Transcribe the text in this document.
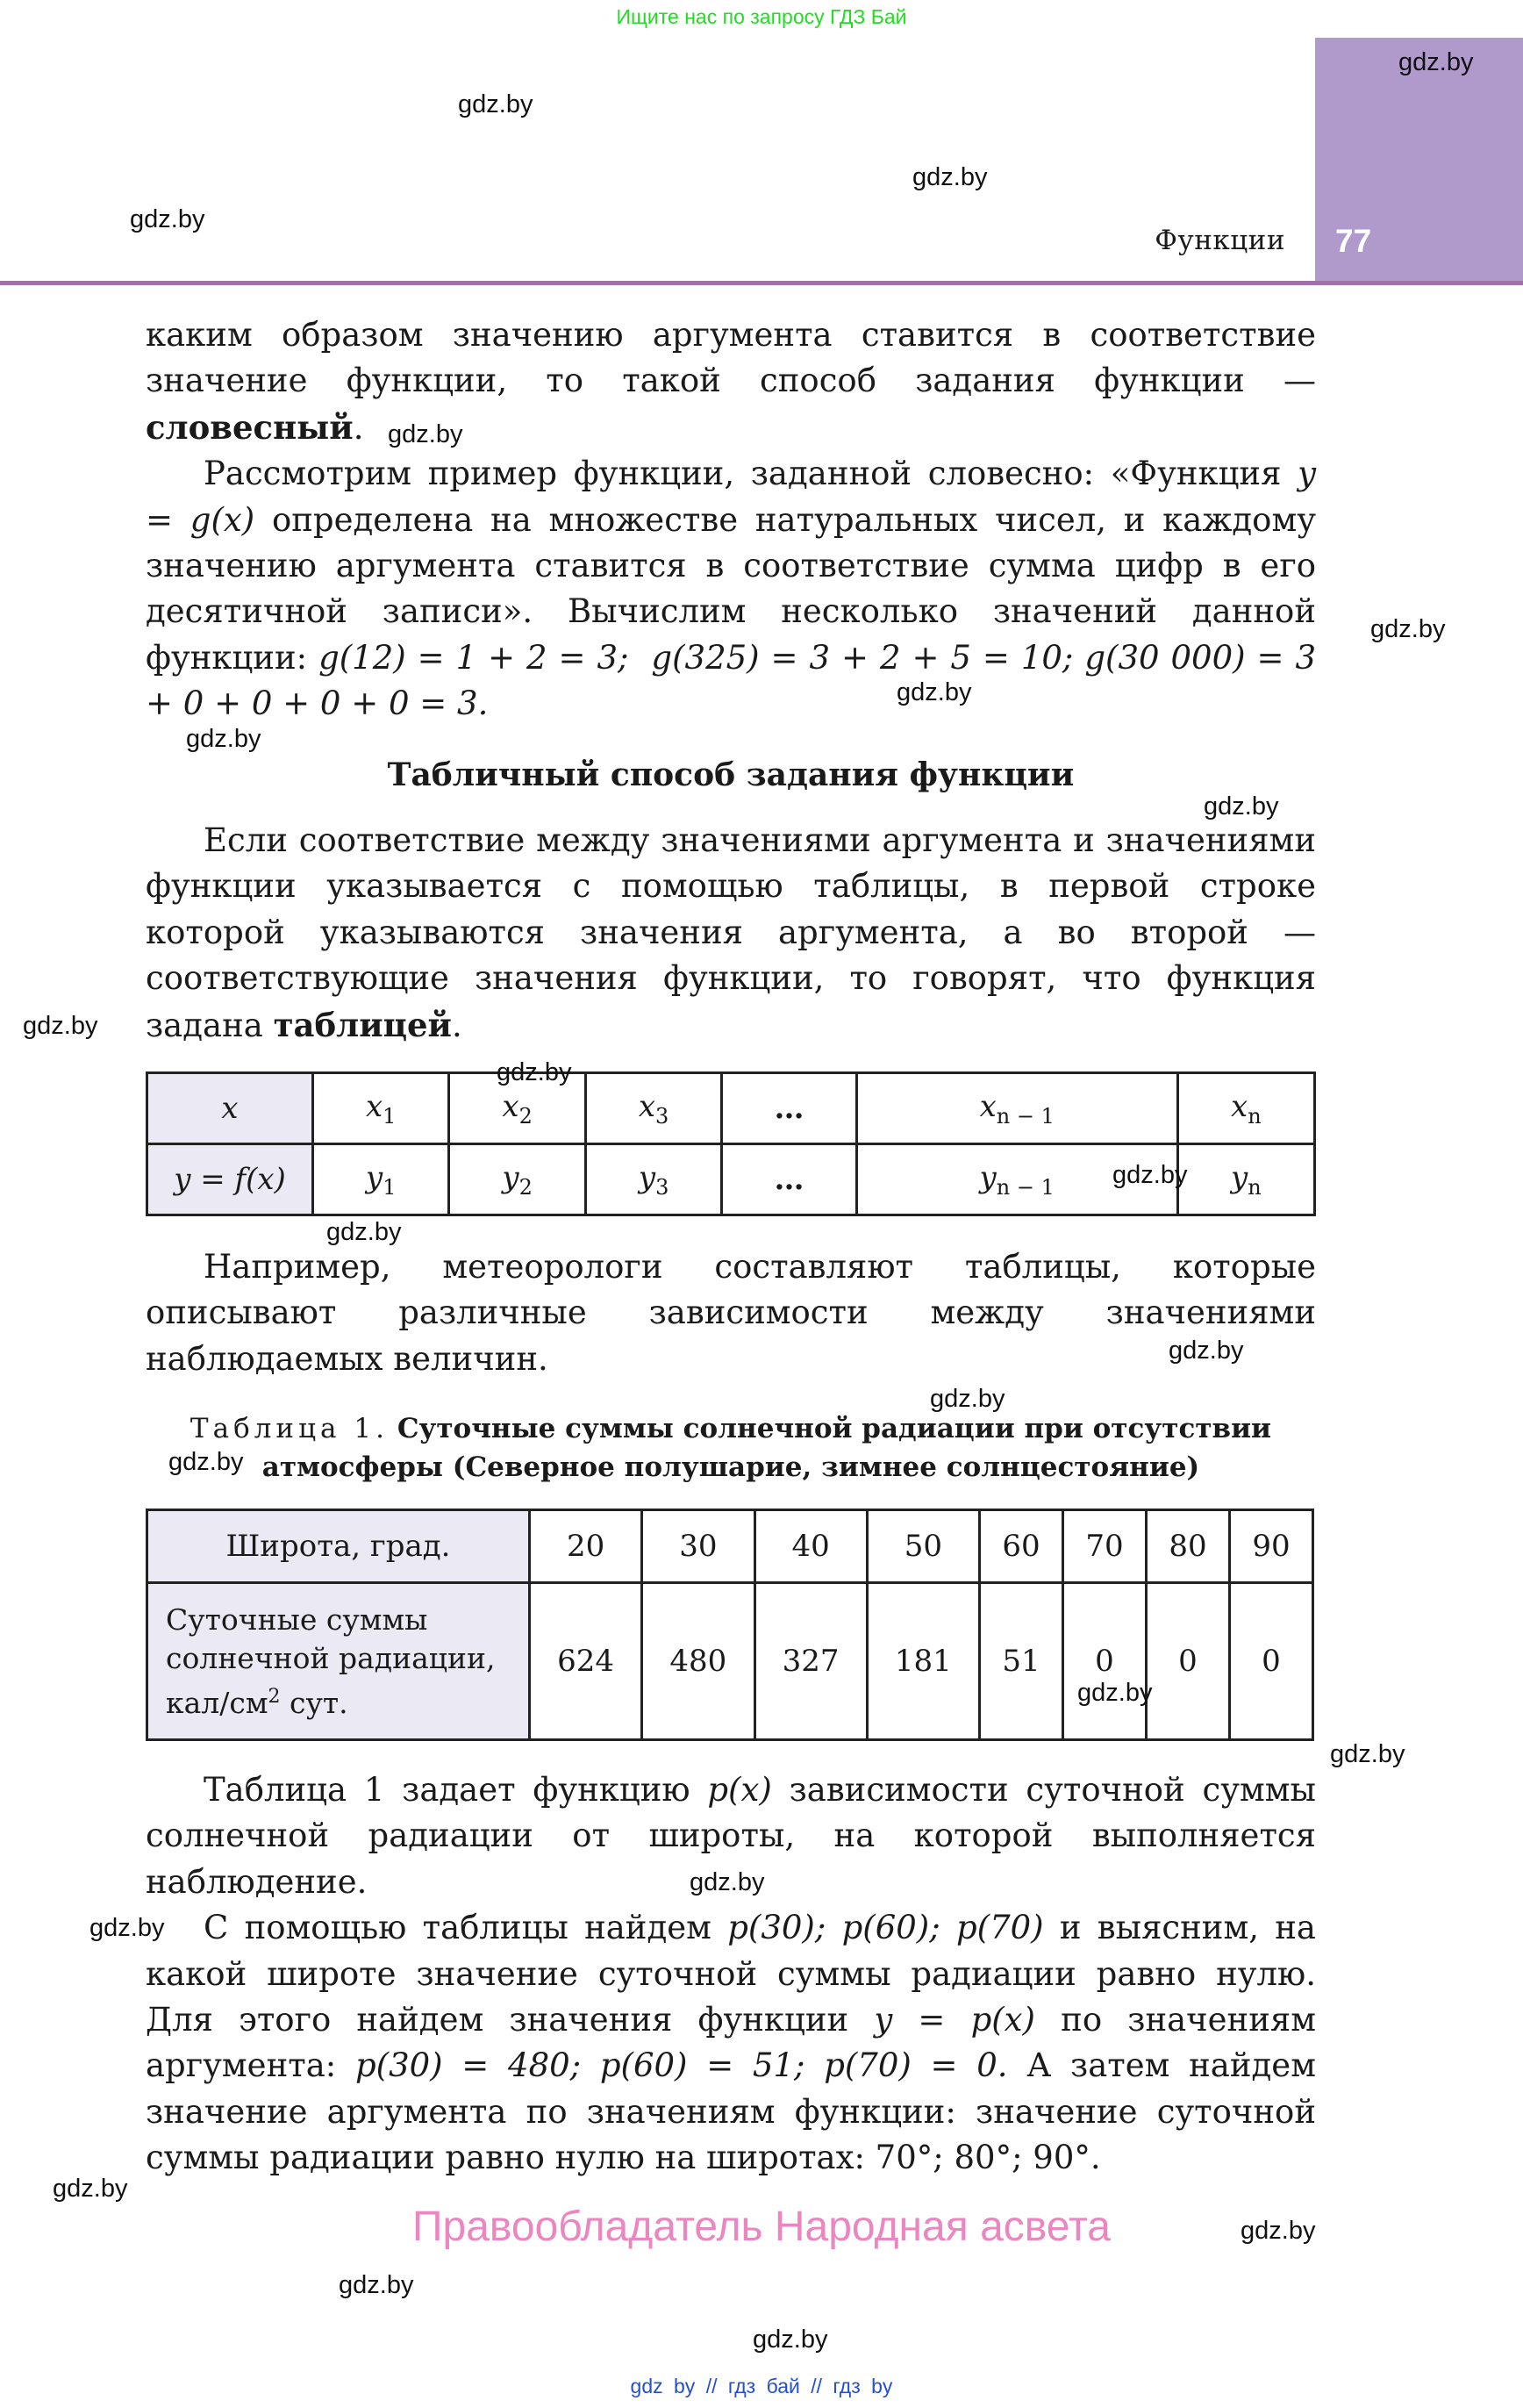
Ищите нас по запросу ГДЗ Бай
Функции 77

каким образом значению аргумента ставится в соответствие значение функции, то такой способ задания функции — словесный.

Рассмотрим пример функции, заданной словесно: «Функция y = g(x) определена на множестве натуральных чисел, и каждому значению аргумента ставится в соответствие сумма цифр в его десятичной записи». Вычислим несколько значений данной функции: g(12) = 1 + 2 = 3; g(325) = 3 + 2 + 5 = 10; g(30 000) = 3 + 0 + 0 + 0 + 0 = 3.

Табличный способ задания функции

Если соответствие между значениями аргумента и значениями функции указывается с помощью таблицы, в первой строке которой указываются значения аргумента, а во второй — соответствующие значения функции, то говорят, что функция задана таблицей.

x	$x_1$	$x_2$	$x_3$	…	$x_{n - 1}$	$x_n$
y = f(x)	$y_1$	$y_2$	$y_3$	…	$y_{n - 1}$	$y_n$

Например, метеорологи составляют таблицы, которые описывают различные зависимости между значениями наблюдаемых величин.

Таблица 1. Суточные суммы солнечной радиации при отсутствии атмосферы (Северное полушарие, зимнее солнцестояние)
Широта, град.	20	30	40	50	60	70	80	90
Суточные суммы
солнечной радиации,
кал/$см^2$ сут.	624	480	327	181	51	0	0	0

Таблица 1 задает функцию p(x) зависимости суточной суммы солнечной радиации от широты, на которой выполняется наблюдение.

С помощью таблицы найдем p(30); p(60); p(70) и выясним, на какой широте значение суточной суммы радиации равно нулю. Для этого найдем значения функции y = p(x) по значениям аргумента: p(30) = 480; p(60) = 51; p(70) = 0. А затем найдем значение аргумента по значениям функции: значение суточной суммы радиации равно нулю на широтах: 70°; 80°; 90°.

Правообладатель Народная асвета
gdz by // гдз бай // гдз by
gdz.by
gdz.by
gdz.by
gdz.by
gdz.by
gdz.by
gdz.by
gdz.by
gdz.by
gdz.by
gdz.by
gdz.by
gdz.by
gdz.by
gdz.by
gdz.by
gdz.by
gdz.by
gdz.by
gdz.by
gdz.by
gdz.by
gdz.by
gdz.by
